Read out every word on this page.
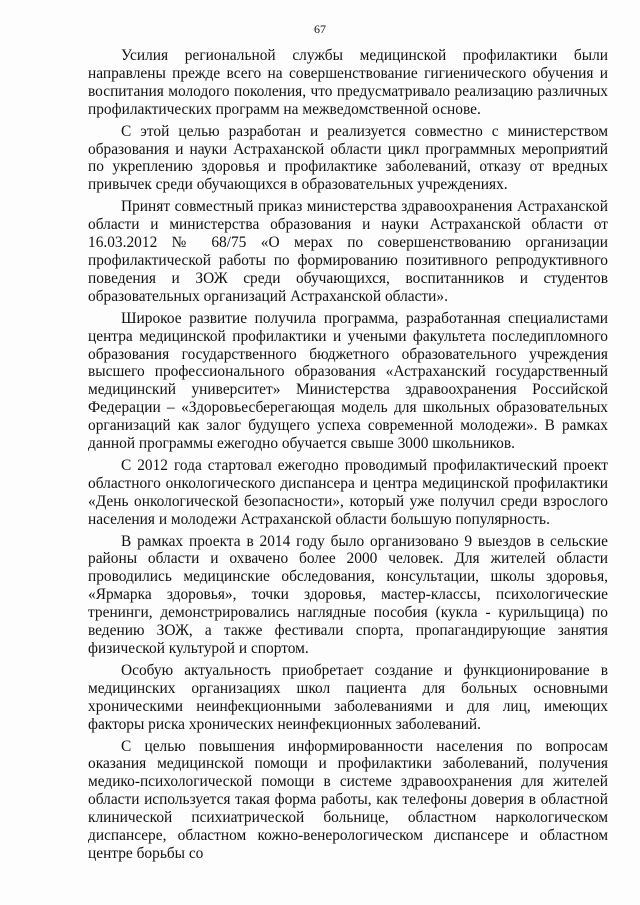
67

Усилия региональной службы медицинской профилактики были направлены прежде всего на совершенствование гигиенического обучения и воспитания молодого поколения, что предусматривало реализацию различных профилактических программ на межведомственной основе.

С этой целью разработан и реализуется совместно с министерством образования и науки Астраханской области цикл программных мероприятий по укреплению здоровья и профилактике заболеваний, отказу от вредных привычек среди обучающихся в образовательных учреждениях.

Принят совместный приказ министерства здравоохранения Астраханской области и министерства образования и науки Астраханской области от 16.03.2012 № 68/75 «О мерах по совершенствованию организации профилактической работы по формированию позитивного репродуктивного поведения и ЗОЖ среди обучающихся, воспитанников и студентов образовательных организаций Астраханской области».

Широкое развитие получила программа, разработанная специалистами центра медицинской профилактики и учеными факультета последипломного образования государственного бюджетного образовательного учреждения высшего профессионального образования «Астраханский государственный медицинский университет» Министерства здравоохранения Российской Федерации – «Здоровьесберегающая модель для школьных образовательных организаций как залог будущего успеха современной молодежи». В рамках данной программы ежегодно обучается свыше 3000 школьников.

С 2012 года стартовал ежегодно проводимый профилактический проект областного онкологического диспансера и центра медицинской профилактики «День онкологической безопасности», который уже получил среди взрослого населения и молодежи Астраханской области большую популярность.

В рамках проекта в 2014 году было организовано 9 выездов в сельские районы области и охвачено более 2000 человек. Для жителей области проводились медицинские обследования, консультации, школы здоровья, «Ярмарка здоровья», точки здоровья, мастер-классы, психологические тренинги, демонстрировались наглядные пособия (кукла - курильщица) по ведению ЗОЖ, а также фестивали спорта, пропагандирующие занятия физической культурой и спортом.

Особую актуальность приобретает создание и функционирование в медицинских организациях школ пациента для больных основными хроническими неинфекционными заболеваниями и для лиц, имеющих факторы риска хронических неинфекционных заболеваний.

С целью повышения информированности населения по вопросам оказания медицинской помощи и профилактики заболеваний, получения медико-психологической помощи в системе здравоохранения для жителей области используется такая форма работы, как телефоны доверия в областной клинической психиатрической больнице, областном наркологическом диспансере, областном кожно-венерологическом диспансере и областном центре борьбы со
